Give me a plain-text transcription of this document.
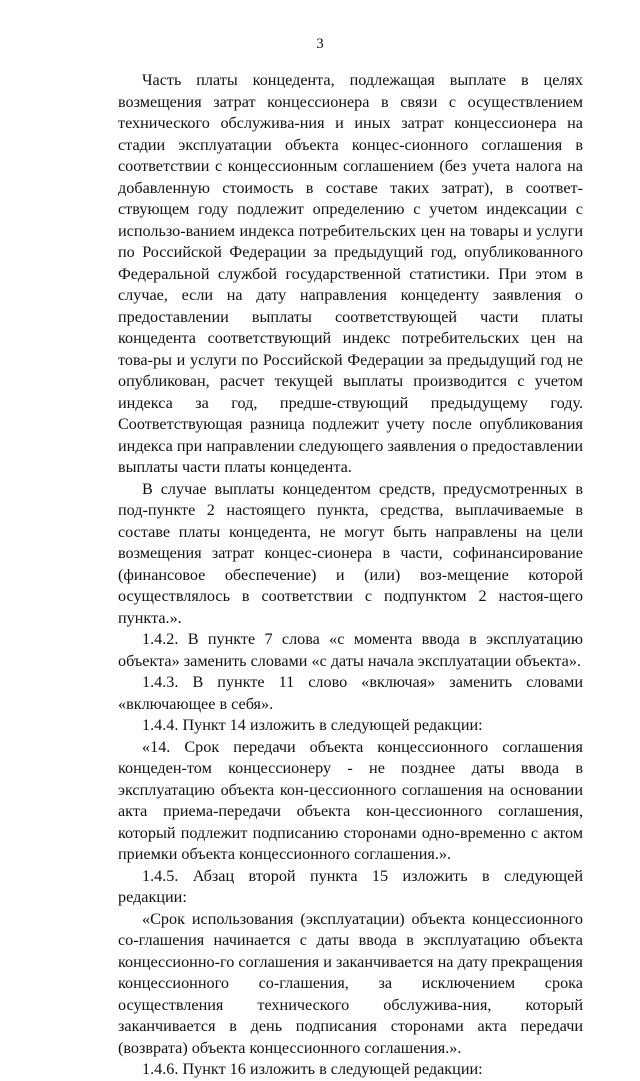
3

Часть платы концедента, подлежащая выплате в целях возмещения затрат концессионера в связи с осуществлением технического обслужива-ния и иных затрат концессионера на стадии эксплуатации объекта концес-сионного соглашения в соответствии с концессионным соглашением (без учета налога на добавленную стоимость в составе таких затрат), в соответ-ствующем году подлежит определению с учетом индексации с использо-ванием индекса потребительских цен на товары и услуги по Российской Федерации за предыдущий год, опубликованного Федеральной службой государственной статистики. При этом в случае, если на дату направления концеденту заявления о предоставлении выплаты соответствующей части платы концедента соответствующий индекс потребительских цен на това-ры и услуги по Российской Федерации за предыдущий год не опубликован, расчет текущей выплаты производится с учетом индекса за год, предше-ствующий предыдущему году. Соответствующая разница подлежит учету после опубликования индекса при направлении следующего заявления о предоставлении выплаты части платы концедента.

В случае выплаты концедентом средств, предусмотренных в под-пункте 2 настоящего пункта, средства, выплачиваемые в составе платы концедента, не могут быть направлены на цели возмещения затрат концес-сионера в части, софинансирование (финансовое обеспечение) и (или) воз-мещение которой осуществлялось в соответствии с подпунктом 2 настоя-щего пункта.».

1.4.2. В пункте 7 слова «с момента ввода в эксплуатацию объекта» заменить словами «с даты начала эксплуатации объекта».

1.4.3. В пункте 11 слово «включая» заменить словами «включающее в себя».

1.4.4. Пункт 14 изложить в следующей редакции:

«14. Срок передачи объекта концессионного соглашения концеден-том концессионеру - не позднее даты ввода в эксплуатацию объекта кон-цессионного соглашения на основании акта приема-передачи объекта кон-цессионного соглашения, который подлежит подписанию сторонами одно-временно с актом приемки объекта концессионного соглашения.».

1.4.5. Абзац второй пункта 15 изложить в следующей редакции:

«Срок использования (эксплуатации) объекта концессионного со-глашения начинается с даты ввода в эксплуатацию объекта концессионно-го соглашения и заканчивается на дату прекращения концессионного со-глашения, за исключением срока осуществления технического обслужива-ния, который заканчивается в день подписания сторонами акта передачи (возврата) объекта концессионного соглашения.».

1.4.6. Пункт 16 изложить в следующей редакции:
